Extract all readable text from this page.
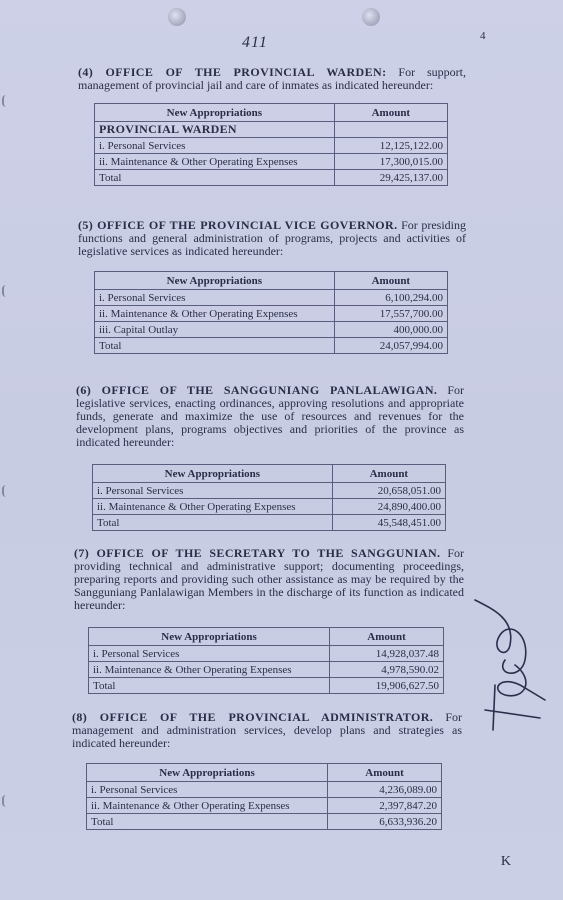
4
411
(4) OFFICE OF THE PROVINCIAL WARDEN: For support, management of provincial jail and care of inmates as indicated hereunder:
New Appropriations	Amount
PROVINCIAL WARDEN	
i. Personal Services	12,125,122.00
ii. Maintenance & Other Operating Expenses	17,300,015.00
Total	29,425,137.00
(5) OFFICE OF THE PROVINCIAL VICE GOVERNOR. For presiding functions and general administration of programs, projects and activities of legislative services as indicated hereunder:
New Appropriations	Amount
i. Personal Services	6,100,294.00
ii. Maintenance & Other Operating Expenses	17,557,700.00
iii. Capital Outlay	400,000.00
Total	24,057,994.00
(6) OFFICE OF THE SANGGUNIANG PANLALAWIGAN. For legislative services, enacting ordinances, approving resolutions and appropriate funds, generate and maximize the use of resources and revenues for the development plans, programs objectives and priorities of the province as indicated hereunder:
New Appropriations	Amount
i. Personal Services	20,658,051.00
ii. Maintenance & Other Operating Expenses	24,890,400.00
Total	45,548,451.00
(7) OFFICE OF THE SECRETARY TO THE SANGGUNIAN. For providing technical and administrative support; documenting proceedings, preparing reports and providing such other assistance as may be required by the Sangguniang Panlalawigan Members in the discharge of its function as indicated hereunder:
New Appropriations	Amount
i. Personal Services	14,928,037.48
ii. Maintenance & Other Operating Expenses	4,978,590.02
Total	19,906,627.50
(8) OFFICE OF THE PROVINCIAL ADMINISTRATOR. For management and administration services, develop plans and strategies as indicated hereunder:
New Appropriations	Amount
i. Personal Services	4,236,089.00
ii. Maintenance & Other Operating Expenses	2,397,847.20
Total	6,633,936.20
K
